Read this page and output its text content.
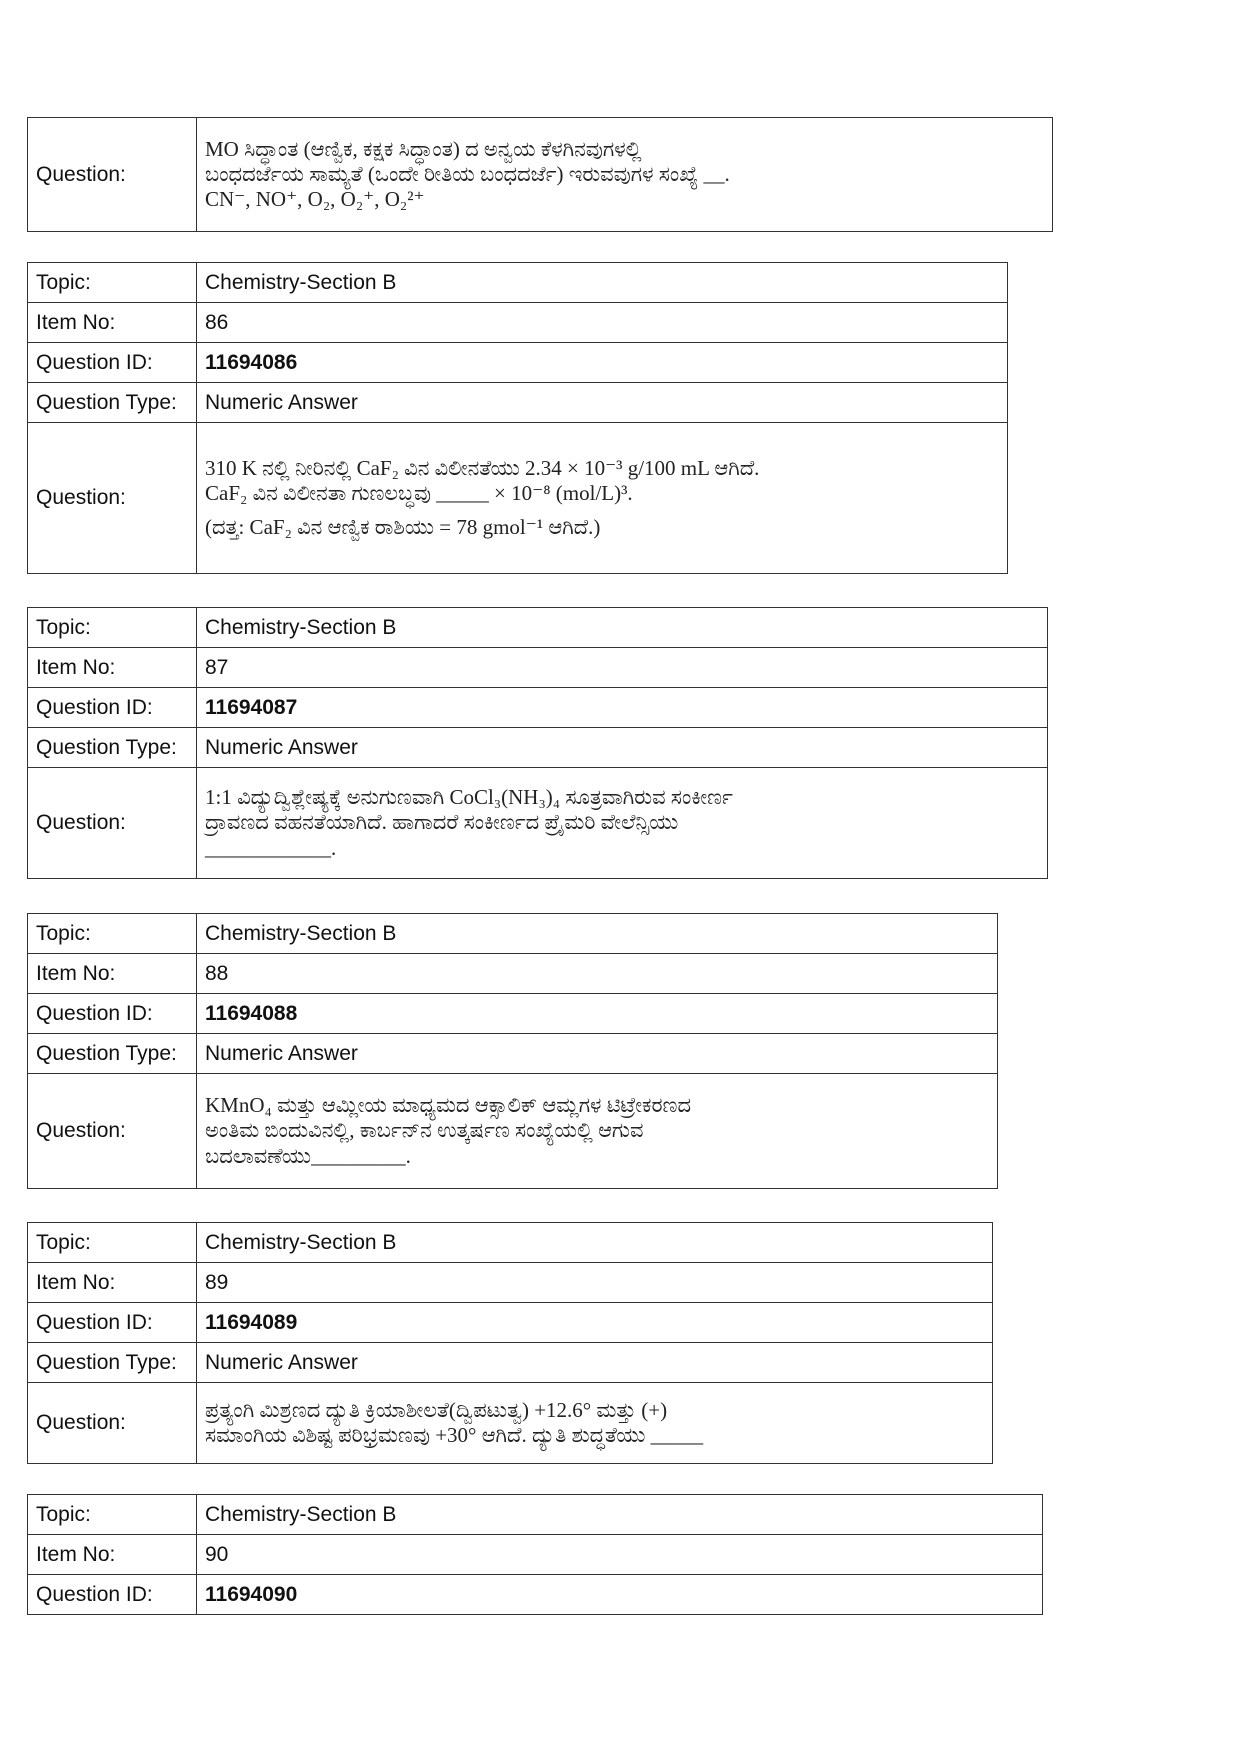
Question:	
MO ಸಿದ್ಧಾಂತ (ಆಣ್ವಿಕ, ಕಕ್ಷಕ ಸಿದ್ಧಾಂತ) ದ ಅನ್ವಯ ಕೆಳಗಿನವುಗಳಲ್ಲಿ
ಬಂಧದರ್ಜೆಯ ಸಾಮ್ಯತೆ (ಒಂದೇ ರೀತಿಯ ಬಂಧದರ್ಜೆ) ಇರುವವುಗಳ ಸಂಖ್ಯೆ __.
CN⁻, NO⁺, O₂, O₂⁺, O₂²⁺
Topic:	Chemistry-Section B
Item No:	86
Question ID:	11694086
Question Type:	Numeric Answer
Question:	310 K ನಲ್ಲಿ ನೀರಿನಲ್ಲಿ CaF₂ ವಿನ ವಿಲೀನತೆಯು 2.34 × 10⁻³ g/100 mL ಆಗಿದೆ.
CaF₂ ವಿನ ವಿಲೀನತಾ ಗುಣಲಬ್ಧವು _____ × 10⁻⁸ (mol/L)³.
(ದತ್ತ: CaF₂ ವಿನ ಆಣ್ವಿಕ ರಾಶಿಯು = 78 gmol⁻¹ ಆಗಿದೆ.)
Topic:	Chemistry-Section B
Item No:	87
Question ID:	11694087
Question Type:	Numeric Answer
Question:	1:1 ವಿದ್ಯುದ್ವಿಶ್ಲೇಷ್ಯಕ್ಕೆ ಅನುಗುಣವಾಗಿ CoCl₃(NH₃)₄ ಸೂತ್ರವಾಗಿರುವ ಸಂಕೀರ್ಣ
ದ್ರಾವಣದ ವಹನತೆಯಾಗಿದೆ. ಹಾಗಾದರೆ ಸಂಕೀರ್ಣದ ಪ್ರೈಮರಿ ವೇಲೆನ್ಸಿಯು
____________.
Topic:	Chemistry-Section B
Item No:	88
Question ID:	11694088
Question Type:	Numeric Answer
Question:	KMnO₄ ಮತ್ತು ಆಮ್ಲೀಯ ಮಾಧ್ಯಮದ ಆಕ್ಸಾಲಿಕ್ ಆಮ್ಲಗಳ ಟಿಟ್ರೇಕರಣದ
ಅಂತಿಮ ಬಿಂದುವಿನಲ್ಲಿ, ಕಾರ್ಬನ್‌ನ ಉತ್ಕರ್ಷಣ ಸಂಖ್ಯೆಯಲ್ಲಿ ಆಗುವ
ಬದಲಾವಣೆಯು_________.
Topic:	Chemistry-Section B
Item No:	89
Question ID:	11694089
Question Type:	Numeric Answer
Question:	ಪ್ರತ್ಯಂಗಿ ಮಿಶ್ರಣದ ದ್ಯುತಿ ಕ್ರಿಯಾಶೀಲತೆ(ದ್ವಿಪಟುತ್ವ) +12.6° ಮತ್ತು (+)
ಸಮಾಂಗಿಯ ವಿಶಿಷ್ಟ ಪರಿಭ್ರಮಣವು +30° ಆಗಿದೆ. ದ್ಯುತಿ ಶುದ್ಧತೆಯು _____
Topic:	Chemistry-Section B
Item No:	90
Question ID:	11694090
